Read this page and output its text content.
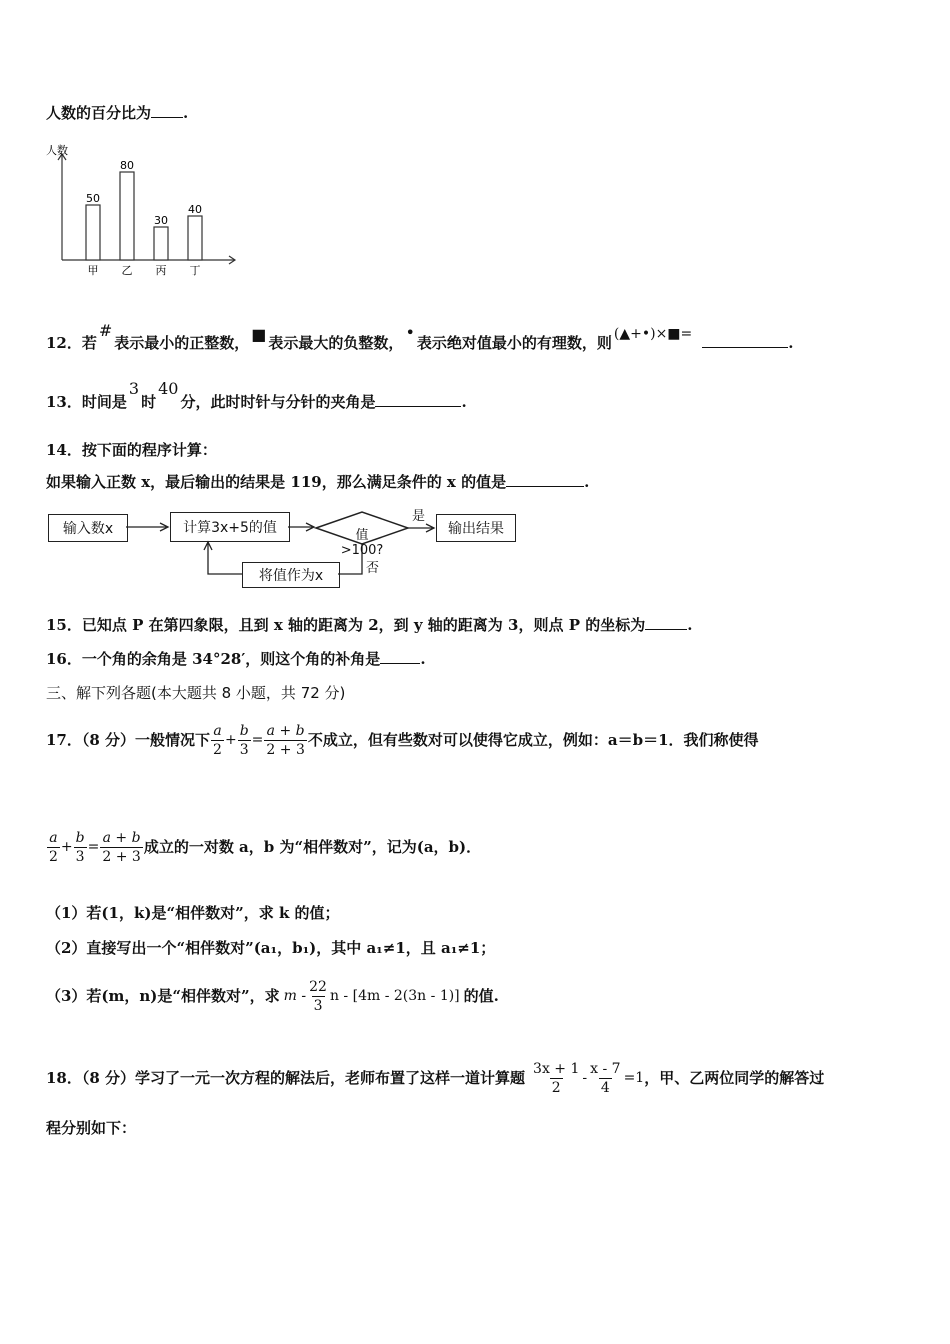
人数的百分比为 .
人数
50
甲
80
乙
30
丙
40
丁
12．若#表示最小的正整数， ■ 表示最大的负整数，•表示绝对值最小的有理数，则 (▲+•)×■=	.
13．时间是3时40分，此时时针与分针的夹角是	.
14．按下面的程序计算：
如果输入正数 x，最后输出的结果是 119，那么满足条件的 x 的值是	.
输入数x	计算3x+5的值	输出结果
将值作为x
值>100?
是
否
15．已知点 P 在第四象限，且到 x 轴的距离为 2，到 y 轴的距离为 3，则点 P 的坐标为	.
16．一个角的余角是 34°28′，则这个角的补角是	.
三、解下列各题(本大题共 8 小题，共 72 分)
17．（8 分）一般情况下 $\frac{a}{2} + \frac{b}{3} = \frac{a + b}{2 + 3}$ 不成立，但有些数对可以使得它成立，例如：a＝b＝1．我们称使得
$\frac{a}{2} + \frac{b}{3} = \frac{a + b}{2 + 3}$ 成立的一对数 a，b 为“相伴数对”，记为(a，b)．
（1）若(1，k)是“相伴数对”，求 k 的值；
（2）直接写出一个“相伴数对”(a₁，b₁)，其中 a₁≠1，且 a₁≠1；
（3）若(m，n)是“相伴数对”，求 m - $\frac{22}{3}$ n - [4m - 2(3n - 1)] 的值.
18．（8 分）学习了一元一次方程的解法后，老师布置了这样一道计算题 $\frac{3x + 1}{2} - \frac{x - 7}{4} =1$ ，甲、乙两位同学的解答过
程分别如下：
